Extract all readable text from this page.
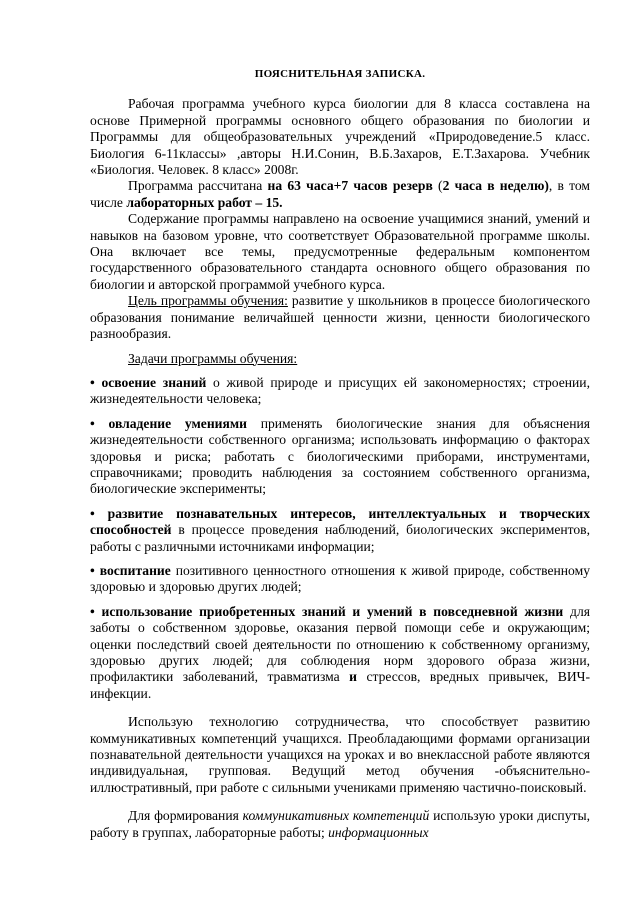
ПОЯСНИТЕЛЬНАЯ ЗАПИСКА.

Рабочая программа учебного курса биологии для 8 класса составлена на основе Примерной программы основного общего образования по биологии и Программы для общеобразовательных учреждений «Природоведение.5 класс. Биология 6-11классы» ,авторы Н.И.Сонин, В.Б.Захаров, Е.Т.Захарова. Учебник «Биология. Человек. 8 класс» 2008г.

Программа рассчитана на 63 часа+7 часов резерв (2 часа в неделю), в том числе лабораторных работ – 15.

Содержание программы направлено на освоение учащимися знаний, умений и навыков на базовом уровне, что соответствует Образовательной программе школы. Она включает все темы, предусмотренные федеральным компонентом государственного образовательного стандарта основного общего образования по биологии и авторской программой учебного курса.

Цель программы обучения: развитие у школьников в процессе биологического образования понимание величайшей ценности жизни, ценности биологического разнообразия.

Задачи программы обучения:

• освоение знаний о живой природе и присущих ей закономерностях; строении, жизнедеятельности человека;

• овладение умениями применять биологические знания для объяснения жизнедеятельности собственного организма; использовать информацию о факторах здоровья и риска; работать с биологическими приборами, инструментами, справочниками; проводить наблюдения за состоянием собственного организма, биологические эксперименты;

• развитие познавательных интересов, интеллектуальных и творческих способностей в процессе проведения наблюдений, биологических экспериментов, работы с различными источниками информации;

• воспитание позитивного ценностного отношения к живой природе, собственному здоровью и здоровью других людей;

• использование приобретенных знаний и умений в повседневной жизни для заботы о собственном здоровье, оказания первой помощи себе и окружающим; оценки последствий своей деятельности по отношению к собственному организму, здоровью других людей; для соблюдения норм здорового образа жизни, профилактики заболеваний, травматизма и стрессов, вредных привычек, ВИЧ-инфекции.

Использую технологию сотрудничества, что способствует развитию коммуникативных компетенций учащихся. Преобладающими формами организации познавательной деятельности учащихся на уроках и во внеклассной работе являются индивидуальная, групповая. Ведущий метод обучения -объяснительно-иллюстративный, при работе с сильными учениками применяю частично-поисковый.

Для формирования коммуникативных компетенций использую уроки диспуты, работу в группах, лабораторные работы; информационных
